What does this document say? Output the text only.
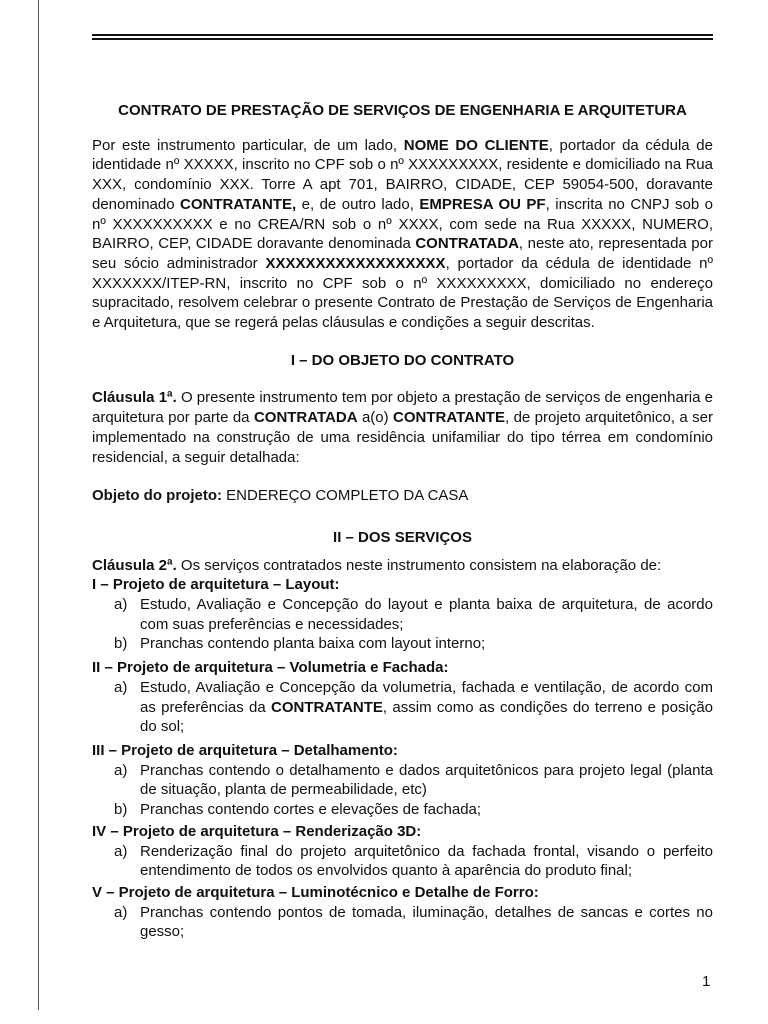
CONTRATO DE PRESTAÇÃO DE SERVIÇOS DE ENGENHARIA E ARQUITETURA

Por este instrumento particular, de um lado, NOME DO CLIENTE, portador da cédula de identidade nº XXXXX, inscrito no CPF sob o nº XXXXXXXXX, residente e domiciliado na Rua XXX, condomínio XXX. Torre A apt 701, BAIRRO, CIDADE, CEP 59054-500, doravante denominado CONTRATANTE, e, de outro lado, EMPRESA OU PF, inscrita no CNPJ sob o nº XXXXXXXXXX e no CREA/RN sob o nº XXXX, com sede na Rua XXXXX, NUMERO, BAIRRO, CEP, CIDADE doravante denominada CONTRATADA, neste ato, representada por seu sócio administrador XXXXXXXXXXXXXXXXXX, portador da cédula de identidade nº XXXXXXX/ITEP-RN, inscrito no CPF sob o nº XXXXXXXXX, domiciliado no endereço supracitado, resolvem celebrar o presente Contrato de Prestação de Serviços de Engenharia e Arquitetura, que se regerá pelas cláusulas e condições a seguir descritas.

I – DO OBJETO DO CONTRATO

Cláusula 1ª. O presente instrumento tem por objeto a prestação de serviços de engenharia e arquitetura por parte da CONTRATADA a(o) CONTRATANTE, de projeto arquitetônico, a ser implementado na construção de uma residência unifamiliar do tipo térrea em condomínio residencial, a seguir detalhada:

Objeto do projeto: ENDEREÇO COMPLETO DA CASA

II – DOS SERVIÇOS

Cláusula 2ª. Os serviços contratados neste instrumento consistem na elaboração de:

I – Projeto de arquitetura – Layout:

a) Estudo, Avaliação e Concepção do layout e planta baixa de arquitetura, de acordo com suas preferências e necessidades;
b) Pranchas contendo planta baixa com layout interno;

II – Projeto de arquitetura – Volumetria e Fachada:

a) Estudo, Avaliação e Concepção da volumetria, fachada e ventilação, de acordo com as preferências da CONTRATANTE, assim como as condições do terreno e posição do sol;

III – Projeto de arquitetura – Detalhamento:

a) Pranchas contendo o detalhamento e dados arquitetônicos para projeto legal (planta de situação, planta de permeabilidade, etc)
b) Pranchas contendo cortes e elevações de fachada;

IV – Projeto de arquitetura – Renderização 3D:

a) Renderização final do projeto arquitetônico da fachada frontal, visando o perfeito entendimento de todos os envolvidos quanto à aparência do produto final;

V – Projeto de arquitetura – Luminotécnico e Detalhe de Forro:

a) Pranchas contendo pontos de tomada, iluminação, detalhes de sancas e cortes no gesso;
1
